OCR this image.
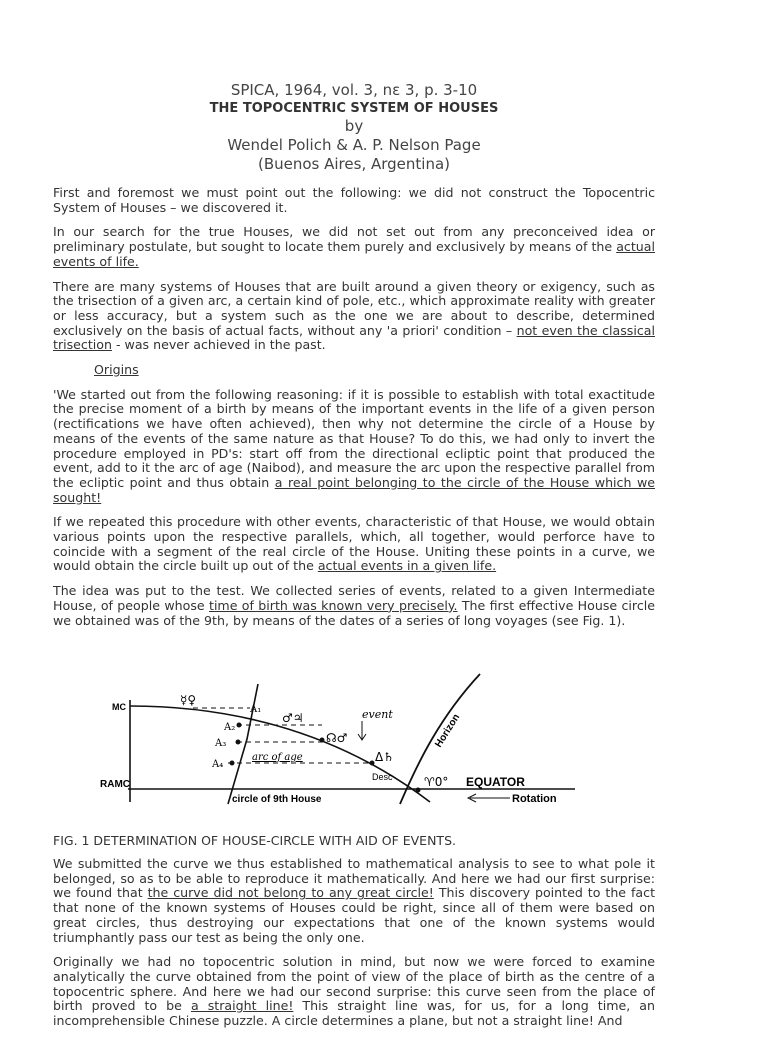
SPICA, 1964, vol. 3, nε 3, p. 3-10
THE TOPOCENTRIC SYSTEM OF HOUSES
by
Wendel Polich & A. P. Nelson Page
(Buenos Aires, Argentina)

First and foremost we must point out the following: we did not construct the Topocentric System of Houses – we discovered it.

In our search for the true Houses, we did not set out from any preconceived idea or preliminary postulate, but sought to locate them purely and exclusively by means of the actual events of life.

There are many systems of Houses that are built around a given theory or exigency, such as the trisection of a given arc, a certain kind of pole, etc., which approximate reality with greater or less accuracy, but a system such as the one we are about to describe, determined exclusively on the basis of actual facts, without any 'a priori' condition – not even the classical trisection - was never achieved in the past.

Origins

'We started out from the following reasoning: if it is possible to establish with total exactitude the precise moment of a birth by means of the important events in the life of a given person (rectifications we have often achieved), then why not determine the circle of a House by means of the events of the same nature as that House? To do this, we had only to invert the procedure employed in PD's: start off from the directional ecliptic point that produced the event, add to it the arc of age (Naibod), and measure the arc upon the respective parallel from the ecliptic point and thus obtain a real point belonging to the circle of the House which we sought!

If we repeated this procedure with other events, characteristic of that House, we would obtain various points upon the respective parallels, which, all together, would perforce have to coincide with a segment of the real circle of the House. Uniting these points in a curve, we would obtain the circle built up out of the actual events in a given life.

The idea was put to the test. We collected series of events, related to a given Intermediate House, of people whose time of birth was known very precisely. The first effective House circle we obtained was of the 9th, by means of the dates of a series of long voyages (see Fig. 1).

MC
RAMC
A₁
A₂
A₃
A₄
☿♀
♂♃
☊♂
Δ♄
event
arc of age
Desc	♈0° EQUATOR
Rotation
circle of 9th House
Horizon
FIG. 1 DETERMINATION OF HOUSE-CIRCLE WITH AID OF EVENTS.

We submitted the curve we thus established to mathematical analysis to see to what pole it belonged, so as to be able to reproduce it mathematically. And here we had our first surprise: we found that the curve did not belong to any great circle! This discovery pointed to the fact that none of the known systems of Houses could be right, since all of them were based on great circles, thus destroying our expectations that one of the known systems would triumphantly pass our test as being the only one.

Originally we had no topocentric solution in mind, but now we were forced to examine analytically the curve obtained from the point of view of the place of birth as the centre of a topocentric sphere. And here we had our second surprise: this curve seen from the place of birth proved to be a straight line! This straight line was, for us, for a long time, an incomprehensible Chinese puzzle. A circle determines a plane, but not a straight line! And
